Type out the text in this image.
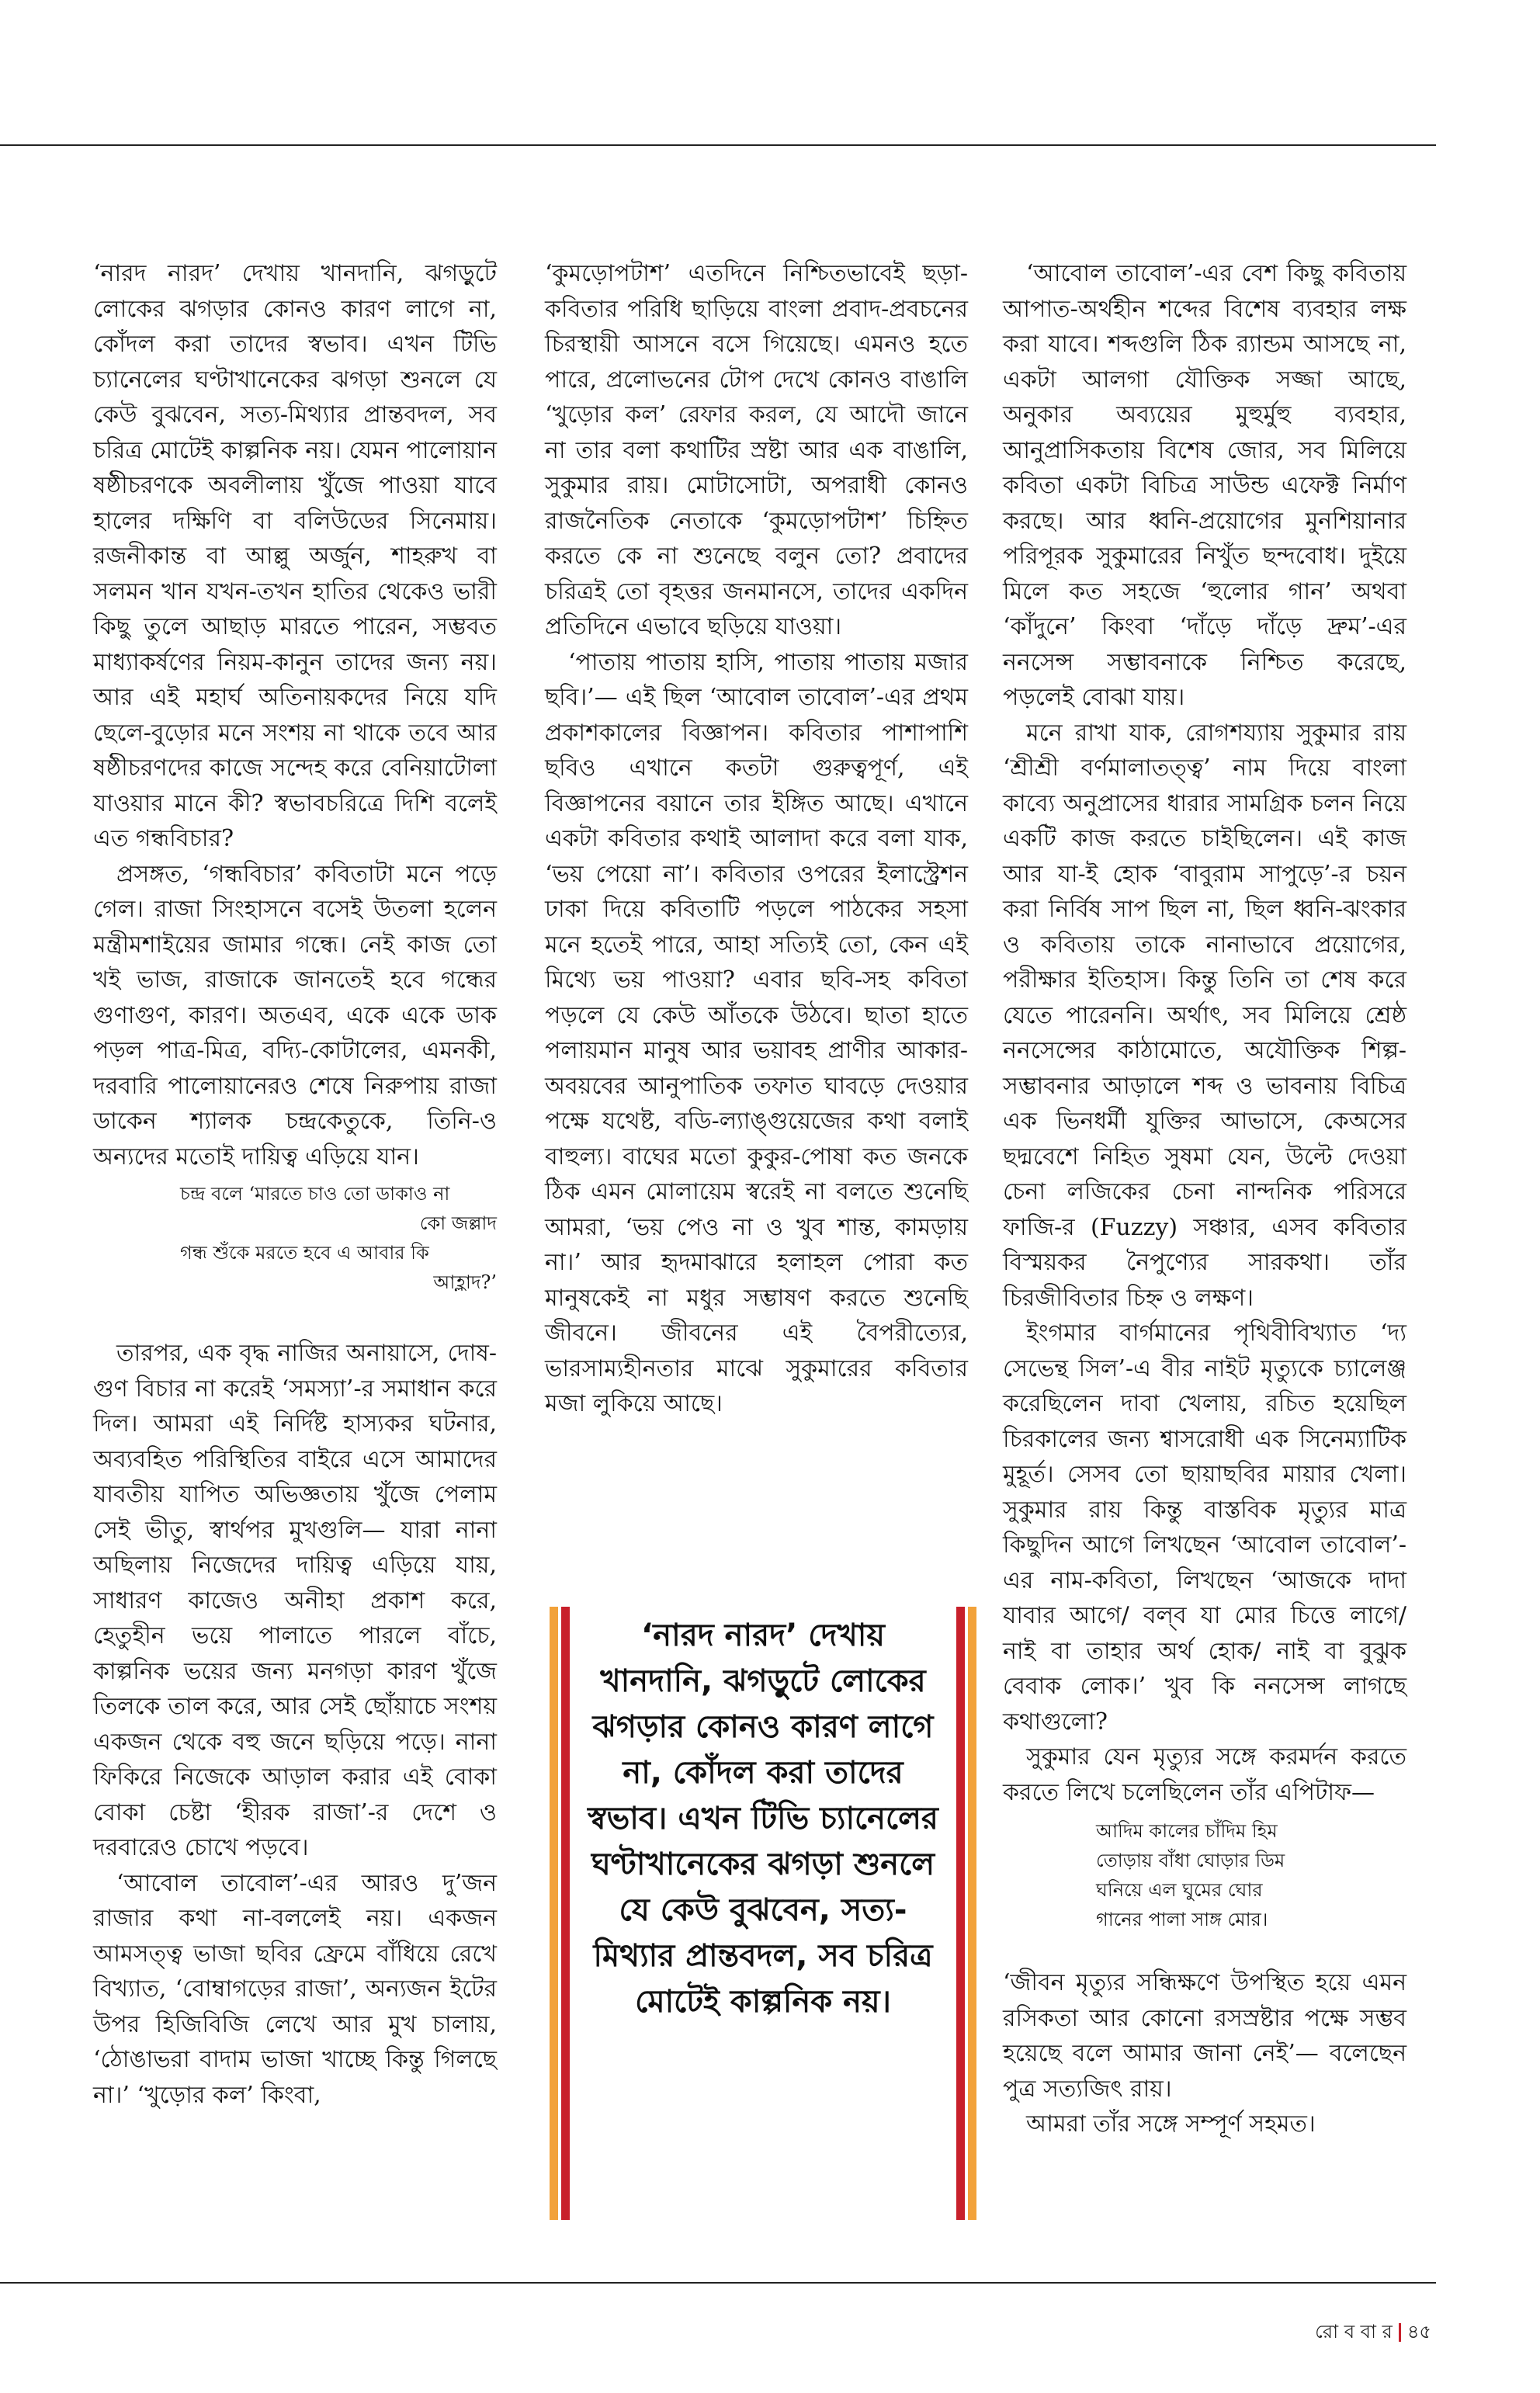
‘নারদ নারদ’ দেখায় খানদানি, ঝগড়ুটে লোকের ঝগড়ার কোনও কারণ লাগে না, কোঁদল করা তাদের স্বভাব। এখন টিভি চ্যানেলের ঘণ্টাখানেকের ঝগড়া শুনলে যে কেউ বুঝবেন, সত্য-মিথ্যার প্রান্তবদল, সব চরিত্র মোটেই কাল্পনিক নয়। যেমন পালোয়ান ষষ্ঠীচরণকে অবলীলায় খুঁজে পাওয়া যাবে হালের দক্ষিণি বা বলিউডের সিনেমায়। রজনীকান্ত বা আল্লু অর্জুন, শাহরুখ বা সলমন খান যখন-তখন হাতির থেকেও ভারী কিছু তুলে আছাড় মারতে পারেন, সম্ভবত মাধ্যাকর্ষণের নিয়ম-কানুন তাদের জন্য নয়। আর এই মহার্ঘ অতিনায়কদের নিয়ে যদি ছেলে-বুড়োর মনে সংশয় না থাকে তবে আর ষষ্ঠীচরণদের কাজে সন্দেহ করে বেনিয়াটোলা যাওয়ার মানে কী? স্বভাবচরিত্রে দিশি বলেই এত গন্ধবিচার?

প্রসঙ্গত, ‘গন্ধবিচার’ কবিতাটা মনে পড়ে গেল। রাজা সিংহাসনে বসেই উতলা হলেন মন্ত্রীমশাইয়ের জামার গন্ধে। নেই কাজ তো খই ভাজ, রাজাকে জানতেই হবে গন্ধের গুণাগুণ, কারণ। অতএব, একে একে ডাক পড়ল পাত্র-মিত্র, বদ্যি-কোটালের, এমনকী, দরবারি পালোয়ানেরও শেষে নিরুপায় রাজা ডাকেন শ্যালক চন্দ্রকেতুকে, তিনি-ও অন্যদের মতোই দায়িত্ব এড়িয়ে যান।

চন্দ্র বলে ‘মারতে চাও তো ডাকাও না
কো জল্লাদ
গন্ধ শুঁকে মরতে হবে এ আবার কি
আহ্লাদ?’

তারপর, এক বৃদ্ধ নাজির অনায়াসে, দোষ-গুণ বিচার না করেই ‘সমস্যা’-র সমাধান করে দিল। আমরা এই নির্দিষ্ট হাস্যকর ঘটনার, অব্যবহিত পরিস্থিতির বাইরে এসে আমাদের যাবতীয় যাপিত অভিজ্ঞতায় খুঁজে পেলাম সেই ভীতু, স্বার্থপর মুখগুলি— যারা নানা অছিলায় নিজেদের দায়িত্ব এড়িয়ে যায়, সাধারণ কাজেও অনীহা প্রকাশ করে, হেতুহীন ভয়ে পালাতে পারলে বাঁচে, কাল্পনিক ভয়ের জন্য মনগড়া কারণ খুঁজে তিলকে তাল করে, আর সেই ছোঁয়াচে সংশয় একজন থেকে বহু জনে ছড়িয়ে পড়ে। নানা ফিকিরে নিজেকে আড়াল করার এই বোকা বোকা চেষ্টা ‘হীরক রাজা’-র দেশে ও দরবারেও চোখে পড়বে।

‘আবোল তাবোল’-এর আরও দু’জন রাজার কথা না-বললেই নয়। একজন আমসত্ত্ব ভাজা ছবির ফ্রেমে বাঁধিয়ে রেখে বিখ্যাত, ‘বোম্বাগড়ের রাজা’, অন্যজন ইটের উপর হিজিবিজি লেখে আর মুখ চালায়, ‘ঠোঙাভরা বাদাম ভাজা খাচ্ছে কিন্তু গিলছে না।’ ‘খুড়োর কল’ কিংবা,

‘কুমড়োপটাশ’ এতদিনে নিশ্চিতভাবেই ছড়া-কবিতার পরিধি ছাড়িয়ে বাংলা প্রবাদ-প্রবচনের চিরস্থায়ী আসনে বসে গিয়েছে। এমনও হতে পারে, প্রলোভনের টোপ দেখে কোনও বাঙালি ‘খুড়োর কল’ রেফার করল, যে আদৌ জানে না তার বলা কথাটির স্রষ্টা আর এক বাঙালি, সুকুমার রায়। মোটাসোটা, অপরাধী কোনও রাজনৈতিক নেতাকে ‘কুমড়োপটাশ’ চিহ্নিত করতে কে না শুনেছে বলুন তো? প্রবাদের চরিত্রই তো বৃহত্তর জনমানসে, তাদের একদিন প্রতিদিনে এভাবে ছড়িয়ে যাওয়া।

‘পাতায় পাতায় হাসি, পাতায় পাতায় মজার ছবি।’— এই ছিল ‘আবোল তাবোল’-এর প্রথম প্রকাশকালের বিজ্ঞাপন। কবিতার পাশাপাশি ছবিও এখানে কতটা গুরুত্বপূর্ণ, এই বিজ্ঞাপনের বয়ানে তার ইঙ্গিত আছে। এখানে একটা কবিতার কথাই আলাদা করে বলা যাক, ‘ভয় পেয়ো না’। কবিতার ওপরের ইলাস্ট্রেশন ঢাকা দিয়ে কবিতাটি পড়লে পাঠকের সহসা মনে হতেই পারে, আহা সত্যিই তো, কেন এই মিথ্যে ভয় পাওয়া? এবার ছবি-সহ কবিতা পড়লে যে কেউ আঁতকে উঠবে। ছাতা হাতে পলায়মান মানুষ আর ভয়াবহ প্রাণীর আকার-অবয়বের আনুপাতিক তফাত ঘাবড়ে দেওয়ার পক্ষে যথেষ্ট, বডি-ল্যাঙ্গুয়েজের কথা বলাই বাহুল্য। বাঘের মতো কুকুর-পোষা কত জনকে ঠিক এমন মোলায়েম স্বরেই না বলতে শুনেছি আমরা, ‘ভয় পেও না ও খুব শান্ত, কামড়ায় না।’ আর হৃদমাঝারে হলাহল পোরা কত মানুষকেই না মধুর সম্ভাষণ করতে শুনেছি জীবনে। জীবনের এই বৈপরীত্যের, ভারসাম্যহীনতার মাঝে সুকুমারের কবিতার মজা লুকিয়ে আছে।

‘নারদ নারদ’ দেখায় খানদানি, ঝগড়ুটে লোকের ঝগড়ার কোনও কারণ লাগে না, কোঁদল করা তাদের স্বভাব। এখন টিভি চ্যানেলের ঘণ্টাখানেকের ঝগড়া শুনলে যে কেউ বুঝবেন, সত্য-মিথ্যার প্রান্তবদল, সব চরিত্র মোটেই কাল্পনিক নয়।

‘আবোল তাবোল’-এর বেশ কিছু কবিতায় আপাত-অর্থহীন শব্দের বিশেষ ব্যবহার লক্ষ করা যাবে। শব্দগুলি ঠিক র‍্যান্ডম আসছে না, একটা আলগা যৌক্তিক সজ্জা আছে, অনুকার অব্যয়ের মুহুর্মুহু ব্যবহার, আনুপ্রাসিকতায় বিশেষ জোর, সব মিলিয়ে কবিতা একটা বিচিত্র সাউন্ড এফেক্ট নির্মাণ করছে। আর ধ্বনি-প্রয়োগের মুনশিয়ানার পরিপূরক সুকুমারের নিখুঁত ছন্দবোধ। দুইয়ে মিলে কত সহজে ‘হুলোর গান’ অথবা ‘কাঁদুনে’ কিংবা ‘দাঁড়ে দাঁড়ে দ্রুম’-এর ননসেন্স সম্ভাবনাকে নিশ্চিত করেছে, পড়লেই বোঝা যায়।

মনে রাখা যাক, রোগশয্যায় সুকুমার রায় ‘শ্রীশ্রী বর্ণমালাতত্ত্ব’ নাম দিয়ে বাংলা কাব্যে অনুপ্রাসের ধারার সামগ্রিক চলন নিয়ে একটি কাজ করতে চাইছিলেন। এই কাজ আর যা-ই হোক ‘বাবুরাম সাপুড়ে’-র চয়ন করা নির্বিষ সাপ ছিল না, ছিল ধ্বনি-ঝংকার ও কবিতায় তাকে নানাভাবে প্রয়োগের, পরীক্ষার ইতিহাস। কিন্তু তিনি তা শেষ করে যেতে পারেননি। অর্থাৎ, সব মিলিয়ে শ্রেষ্ঠ ননসেন্সের কাঠামোতে, অযৌক্তিক শিল্প-সম্ভাবনার আড়ালে শব্দ ও ভাবনায় বিচিত্র এক ভিনধর্মী যুক্তির আভাসে, কেঅসের ছদ্মবেশে নিহিত সুষমা যেন, উল্টে দেওয়া চেনা লজিকের চেনা নান্দনিক পরিসরে ফাজি-র (Fuzzy) সঞ্চার, এসব কবিতার বিস্ময়কর নৈপুণ্যের সারকথা। তাঁর চিরজীবিতার চিহ্ন ও লক্ষণ।

ইংগমার বার্গমানের পৃথিবীবিখ্যাত ‘দ্য সেভেন্থ সিল’-এ বীর নাইট মৃত্যুকে চ্যালেঞ্জ করেছিলেন দাবা খেলায়, রচিত হয়েছিল চিরকালের জন্য শ্বাসরোধী এক সিনেম্যাটিক মুহূর্ত। সেসব তো ছায়াছবির মায়ার খেলা। সুকুমার রায় কিন্তু বাস্তবিক মৃত্যুর মাত্র কিছুদিন আগে লিখছেন ‘আবোল তাবোল’-এর নাম-কবিতা, লিখছেন ‘আজকে দাদা যাবার আগে/ বল্‌ব যা মোর চিত্তে লাগে/ নাই বা তাহার অর্থ হোক/ নাই বা বুঝুক বেবাক লোক।’ খুব কি ননসেন্স লাগছে কথাগুলো?

সুকুমার যেন মৃত্যুর সঙ্গে করমর্দন করতে করতে লিখে চলেছিলেন তাঁর এপিটাফ—

আদিম কালের চাঁদিম হিম
তোড়ায় বাঁধা ঘোড়ার ডিম
ঘনিয়ে এল ঘুমের ঘোর
গানের পালা সাঙ্গ মোর।

‘জীবন মৃত্যুর সন্ধিক্ষণে উপস্থিত হয়ে এমন রসিকতা আর কোনো রসস্রষ্টার পক্ষে সম্ভব হয়েছে বলে আমার জানা নেই’— বলেছেন পুত্র সত্যজিৎ রায়।

আমরা তাঁর সঙ্গে সম্পূর্ণ সহমত।

রো ব বা র ৪৫
